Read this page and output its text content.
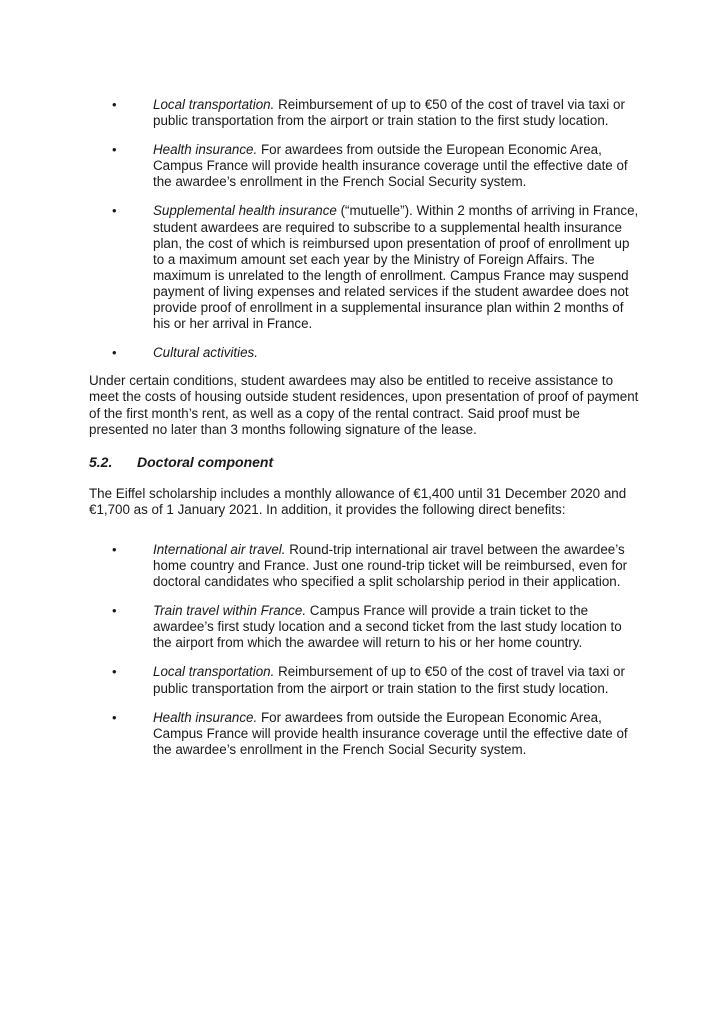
•	Local transportation. Reimbursement of up to €50 of the cost of travel via taxi or public transportation from the airport or train station to the first study location.
•	Health insurance. For awardees from outside the European Economic Area, Campus France will provide health insurance coverage until the effective date of the awardee’s enrollment in the French Social Security system.
•	Supplemental health insurance (“mutuelle”). Within 2 months of arriving in France, student awardees are required to subscribe to a supplemental health insurance plan, the cost of which is reimbursed upon presentation of proof of enrollment up to a maximum amount set each year by the Ministry of Foreign Affairs. The maximum is unrelated to the length of enrollment. Campus France may suspend payment of living expenses and related services if the student awardee does not provide proof of enrollment in a supplemental insurance plan within 2 months of his or her arrival in France.
•	Cultural activities.

Under certain conditions, student awardees may also be entitled to receive assistance to meet the costs of housing outside student residences, upon presentation of proof of payment of the first month’s rent, as well as a copy of the rental contract. Said proof must be presented no later than 3 months following signature of the lease.

5.2. Doctoral component

The Eiffel scholarship includes a monthly allowance of €1,400 until 31 December 2020 and €1,700 as of 1 January 2021. In addition, it provides the following direct benefits:

•	International air travel. Round-trip international air travel between the awardee’s home country and France. Just one round-trip ticket will be reimbursed, even for doctoral candidates who specified a split scholarship period in their application.
•	Train travel within France. Campus France will provide a train ticket to the awardee’s first study location and a second ticket from the last study location to the airport from which the awardee will return to his or her home country.
•	Local transportation. Reimbursement of up to €50 of the cost of travel via taxi or public transportation from the airport or train station to the first study location.
•	Health insurance. For awardees from outside the European Economic Area, Campus France will provide health insurance coverage until the effective date of the awardee’s enrollment in the French Social Security system.
